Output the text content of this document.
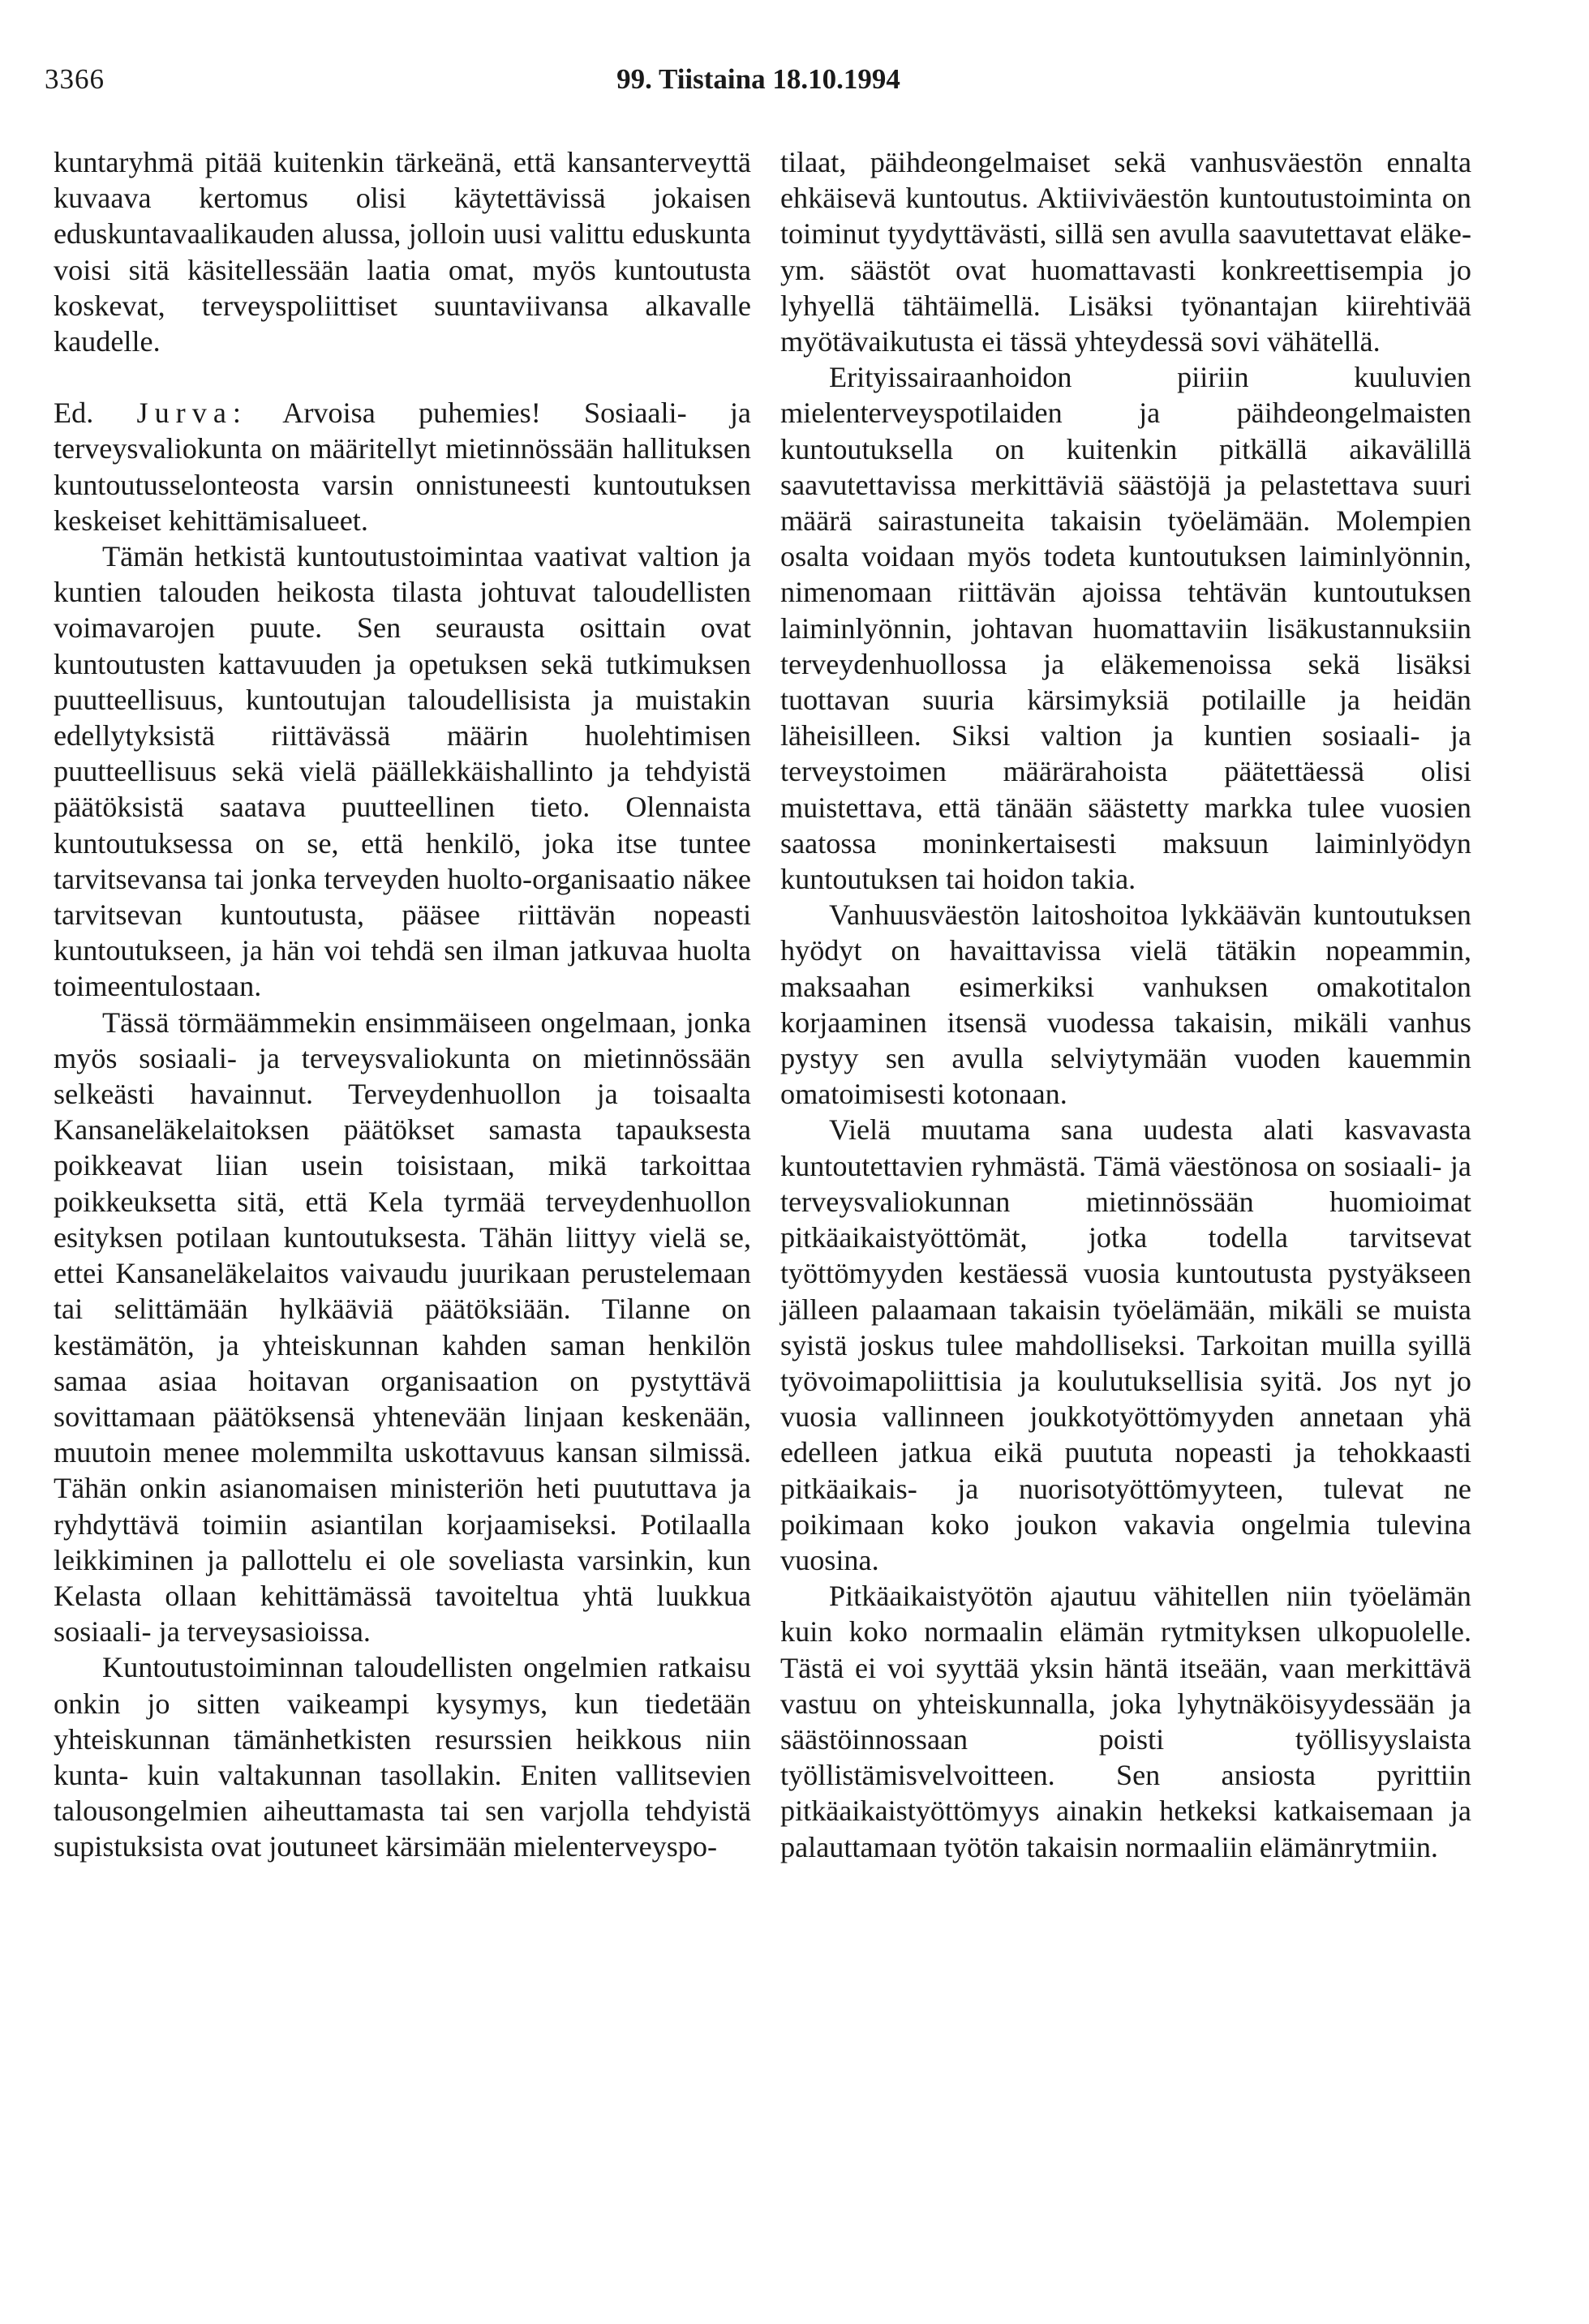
3366	99. Tiistaina 18.10.1994

kuntaryhmä pitää kuitenkin tärkeänä, että kansanterveyttä kuvaava kertomus olisi käytettävissä jokaisen eduskuntavaalikauden alussa, jolloin uusi valittu eduskunta voisi sitä käsitellessään laatia omat, myös kuntoutusta koskevat, terveyspoliittiset suuntaviivansa alkavalle kaudelle.

Ed. Jurva: Arvoisa puhemies! Sosiaali- ja terveysvaliokunta on määritellyt mietinnössään hallituksen kuntoutusselonteosta varsin onnistuneesti kuntoutuksen keskeiset kehittämisalueet.

Tämän hetkistä kuntoutustoimintaa vaativat valtion ja kuntien talouden heikosta tilasta johtuvat taloudellisten voimavarojen puute. Sen seurausta osittain ovat kuntoutusten kattavuuden ja opetuksen sekä tutkimuksen puutteellisuus, kuntoutujan taloudellisista ja muistakin edellytyksistä riittävässä määrin huolehtimisen puutteellisuus sekä vielä päällekkäishallinto ja tehdyistä päätöksistä saatava puutteellinen tieto. Olennaista kuntoutuksessa on se, että henkilö, joka itse tuntee tarvitsevansa tai jonka terveyden huolto-organisaatio näkee tarvitsevan kuntoutusta, pääsee riittävän nopeasti kuntoutukseen, ja hän voi tehdä sen ilman jatkuvaa huolta toimeentulostaan.

Tässä törmäämmekin ensimmäiseen ongelmaan, jonka myös sosiaali- ja terveysvaliokunta on mietinnössään selkeästi havainnut. Terveydenhuollon ja toisaalta Kansaneläkelaitoksen päätökset samasta tapauksesta poikkeavat liian usein toisistaan, mikä tarkoittaa poikkeuksetta sitä, että Kela tyrmää terveydenhuollon esityksen potilaan kuntoutuksesta. Tähän liittyy vielä se, ettei Kansaneläkelaitos vaivaudu juurikaan perustelemaan tai selittämään hylkääviä päätöksiään. Tilanne on kestämätön, ja yhteiskunnan kahden saman henkilön samaa asiaa hoitavan organisaation on pystyttävä sovittamaan päätöksensä yhtenevään linjaan keskenään, muutoin menee molemmilta uskottavuus kansan silmissä. Tähän onkin asianomaisen ministeriön heti puututtava ja ryhdyttävä toimiin asiantilan korjaamiseksi. Potilaalla leikkiminen ja pallottelu ei ole soveliasta varsinkin, kun Kelasta ollaan kehittämässä tavoiteltua yhtä luukkua sosiaali- ja terveysasioissa.

Kuntoutustoiminnan taloudellisten ongelmien ratkaisu onkin jo sitten vaikeampi kysymys, kun tiedetään yhteiskunnan tämänhetkisten resurssien heikkous niin kunta- kuin valtakunnan tasollakin. Eniten vallitsevien talousongelmien aiheuttamasta tai sen varjolla tehdyistä supistuksista ovat joutuneet kärsimään mielenterveyspo-

tilaat, päihdeongelmaiset sekä vanhusväestön ennalta ehkäisevä kuntoutus. Aktiiviväestön kuntoutustoiminta on toiminut tyydyttävästi, sillä sen avulla saavutettavat eläke- ym. säästöt ovat huomattavasti konkreettisempia jo lyhyellä tähtäimellä. Lisäksi työnantajan kiirehtivää myötävaikutusta ei tässä yhteydessä sovi vähätellä.

Erityissairaanhoidon piiriin kuuluvien mielenterveyspotilaiden ja päihdeongelmaisten kuntoutuksella on kuitenkin pitkällä aikavälillä saavutettavissa merkittäviä säästöjä ja pelastettava suuri määrä sairastuneita takaisin työelämään. Molempien osalta voidaan myös todeta kuntoutuksen laiminlyönnin, nimenomaan riittävän ajoissa tehtävän kuntoutuksen laiminlyönnin, johtavan huomattaviin lisäkustannuksiin terveydenhuollossa ja eläkemenoissa sekä lisäksi tuottavan suuria kärsimyksiä potilaille ja heidän läheisilleen. Siksi valtion ja kuntien sosiaali- ja terveystoimen määrärahoista päätettäessä olisi muistettava, että tänään säästetty markka tulee vuosien saatossa moninkertaisesti maksuun laiminlyödyn kuntoutuksen tai hoidon takia.

Vanhuusväestön laitoshoitoa lykkäävän kuntoutuksen hyödyt on havaittavissa vielä tätäkin nopeammin, maksaahan esimerkiksi vanhuksen omakotitalon korjaaminen itsensä vuodessa takaisin, mikäli vanhus pystyy sen avulla selviytymään vuoden kauemmin omatoimisesti kotonaan.

Vielä muutama sana uudesta alati kasvavasta kuntoutettavien ryhmästä. Tämä väestönosa on sosiaali- ja terveysvaliokunnan mietinnössään huomioimat pitkäaikaistyöttömät, jotka todella tarvitsevat työttömyyden kestäessä vuosia kuntoutusta pystyäkseen jälleen palaamaan takaisin työelämään, mikäli se muista syistä joskus tulee mahdolliseksi. Tarkoitan muilla syillä työvoimapoliittisia ja koulutuksellisia syitä. Jos nyt jo vuosia vallinneen joukkotyöttömyyden annetaan yhä edelleen jatkua eikä puututa nopeasti ja tehokkaasti pitkäaikais- ja nuorisotyöttömyyteen, tulevat ne poikimaan koko joukon vakavia ongelmia tulevina vuosina.

Pitkäaikaistyötön ajautuu vähitellen niin työelämän kuin koko normaalin elämän rytmityksen ulkopuolelle. Tästä ei voi syyttää yksin häntä itseään, vaan merkittävä vastuu on yhteiskunnalla, joka lyhytnäköisyydessään ja säästöinnossaan poisti työllisyyslaista työllistämisvelvoitteen. Sen ansiosta pyrittiin pitkäaikaistyöttömyys ainakin hetkeksi katkaisemaan ja palauttamaan työtön takaisin normaaliin elämänrytmiin.
